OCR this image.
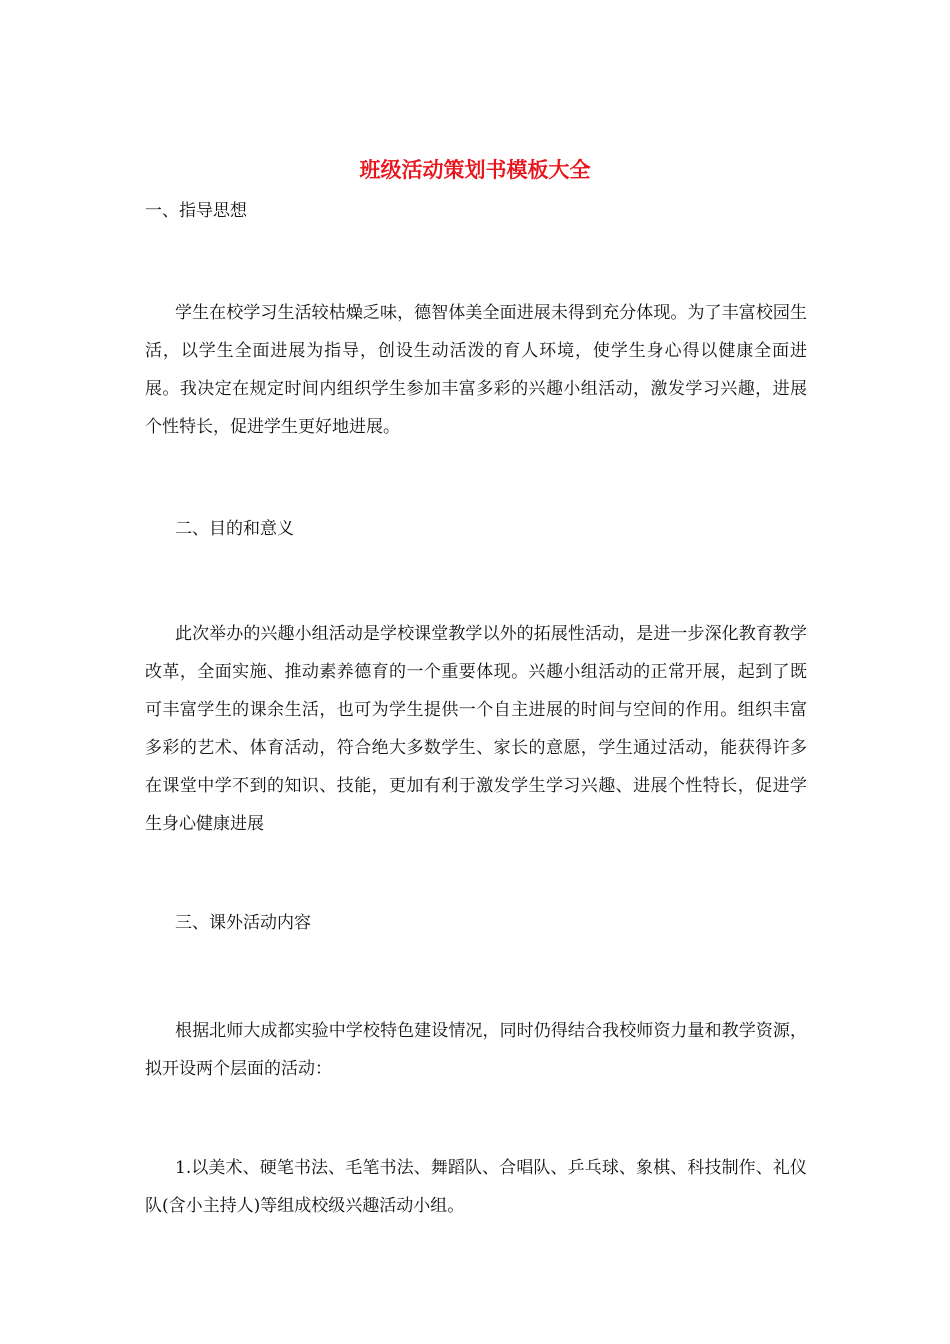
班级活动策划书模板大全

一、指导思想

学生在校学习生活较枯燥乏味，德智体美全面进展未得到充分体现。为了丰富校园生活，以学生全面进展为指导，创设生动活泼的育人环境，使学生身心得以健康全面进展。我决定在规定时间内组织学生参加丰富多彩的兴趣小组活动，激发学习兴趣，进展个性特长，促进学生更好地进展。

二、目的和意义

此次举办的兴趣小组活动是学校课堂教学以外的拓展性活动，是进一步深化教育教学改革，全面实施、推动素养德育的一个重要体现。兴趣小组活动的正常开展，起到了既可丰富学生的课余生活，也可为学生提供一个自主进展的时间与空间的作用。组织丰富多彩的艺术、体育活动，符合绝大多数学生、家长的意愿，学生通过活动，能获得许多在课堂中学不到的知识、技能，更加有利于激发学生学习兴趣、进展个性特长，促进学生身心健康进展

三、课外活动内容

根据北师大成都实验中学校特色建设情况，同时仍得结合我校师资力量和教学资源，拟开设两个层面的活动：

1.以美术、硬笔书法、毛笔书法、舞蹈队、合唱队、乒乓球、象棋、科技制作、礼仪队(含小主持人)等组成校级兴趣活动小组。
